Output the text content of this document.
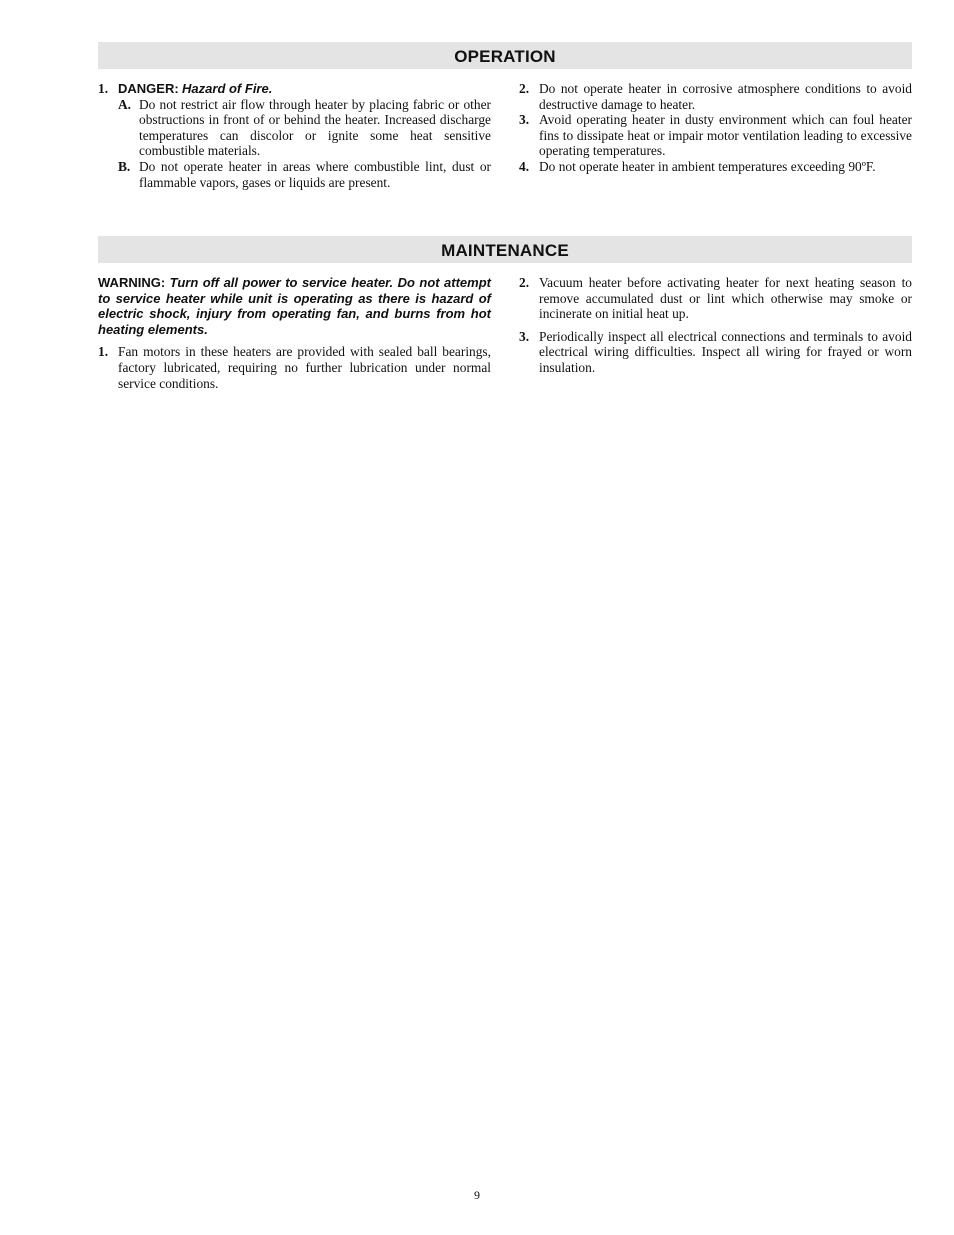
OPERATION
1. DANGER: Hazard of Fire.
A. Do not restrict air flow through heater by placing fabric or other obstructions in front of or behind the heater. Increased discharge temperatures can discolor or ignite some heat sensitive combustible materials.
B. Do not operate heater in areas where combustible lint, dust or flammable vapors, gases or liquids are present.
2. Do not operate heater in corrosive atmosphere conditions to avoid destructive damage to heater.
3. Avoid operating heater in dusty environment which can foul heater fins to dissipate heat or impair motor ventilation leading to excessive operating temperatures.
4. Do not operate heater in ambient temperatures exceeding 90ºF.
MAINTENANCE
WARNING: Turn off all power to service heater. Do not attempt to service heater while unit is operating as there is hazard of electric shock, injury from operating fan, and burns from hot heating elements.
1. Fan motors in these heaters are provided with sealed ball bearings, factory lubricated, requiring no further lubrication under normal service conditions.
2. Vacuum heater before activating heater for next heating season to remove accumulated dust or lint which otherwise may smoke or incinerate on initial heat up.
3. Periodically inspect all electrical connections and terminals to avoid electrical wiring difficulties. Inspect all wiring for frayed or worn insulation.
9
